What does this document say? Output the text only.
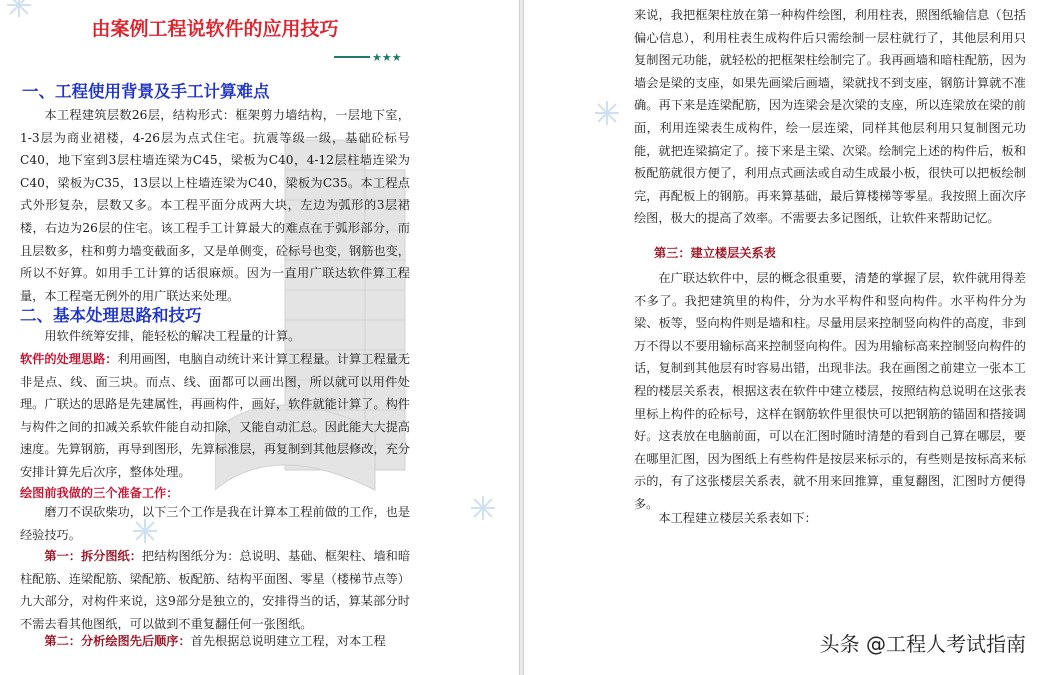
由案例工程说软件的应用技巧
★★★
一、工程使用背景及手工计算难点
本工程建筑层数26层，结构形式：框架剪力墙结构，一层地下室，1-3层为商业裙楼，4-26层为点式住宅。抗震等级一级，基础砼标号C40，地下室到3层柱墙连梁为C45，梁板为C40，4-12层柱墙连梁为C40，梁板为C35，13层以上柱墙连梁为C40，梁板为C35。本工程点式外形复杂，层数又多。本工程平面分成两大块，左边为弧形的3层裙楼，右边为26层的住宅。该工程手工计算最大的难点在于弧形部分，而且层数多，柱和剪力墙变截面多，又是单侧变，砼标号也变，钢筋也变，所以不好算。如用手工计算的话很麻烦。因为一直用广联达软件算工程量，本工程毫无例外的用广联达来处理。
二、基本处理思路和技巧
用软件统筹安排，能轻松的解决工程量的计算。
软件的处理思路：利用画图，电脑自动统计来计算工程量。计算工程量无非是点、线、面三块。而点、线、面都可以画出图，所以就可以用件处理。广联达的思路是先建属性，再画构件，画好，软件就能计算了。构件与构件之间的扣减关系软件能自动扣除，又能自动汇总。因此能大大提高速度。先算钢筋，再导到图形，先算标准层，再复制到其他层修改，充分安排计算先后次序，整体处理。
绘图前我做的三个准备工作：
磨刀不误砍柴功，以下三个工作是我在计算本工程前做的工作，也是经验技巧。
第一：拆分图纸：把结构图纸分为：总说明、基础、框架柱、墙和暗柱配筋、连梁配筋、梁配筋、板配筋、结构平面图、零星（楼梯节点等）九大部分，对构件来说，这9部分是独立的，安排得当的话，算某部分时不需去看其他图纸，可以做到不重复翻任何一张图纸。
第二：分析绘图先后顺序：首先根据总说明建立工程，对本工程
来说，我把框架柱放在第一种构件绘图，利用柱表，照图纸输信息（包括偏心信息），利用柱表生成构件后只需绘制一层柱就行了，其他层利用只复制图元功能，就轻松的把框架柱绘制完了。我再画墙和暗柱配筋，因为墙会是梁的支座，如果先画梁后画墙，梁就找不到支座，钢筋计算就不准确。再下来是连梁配筋，因为连梁会是次梁的支座，所以连梁放在梁的前面，利用连梁表生成构件，绘一层连梁，同样其他层利用只复制图元功能，就把连梁搞定了。接下来是主梁、次梁。绘制完上述的构件后，板和板配筋就很方便了，利用点式画法或自动生成最小板，很快可以把板绘制完，再配板上的钢筋。再来算基础，最后算楼梯等零星。我按照上面次序绘图，极大的提高了效率。不需要去多记图纸，让软件来帮助记忆。
第三：建立楼层关系表
在广联达软件中，层的概念很重要，清楚的掌握了层，软件就用得差不多了。我把建筑里的构件，分为水平构件和竖向构件。水平构件分为梁、板等，竖向构件则是墙和柱。尽量用层来控制竖向构件的高度，非到万不得以不要用输标高来控制竖向构件。因为用输标高来控制竖向构件的话，复制到其他层有时容易出错，出现非法。我在画图之前建立一张本工程的楼层关系表，根据这表在软件中建立楼层，按照结构总说明在这张表里标上构件的砼标号，这样在钢筋软件里很快可以把钢筋的锚固和搭接调好。这表放在电脑前面，可以在汇图时随时清楚的看到自己算在哪层，要在哪里汇图，因为图纸上有些构件是按层来标示的，有些则是按标高来标示的，有了这张楼层关系表，就不用来回推算，重复翻图，汇图时方便得多。
本工程建立楼层关系表如下：
头条 @工程人考试指南
